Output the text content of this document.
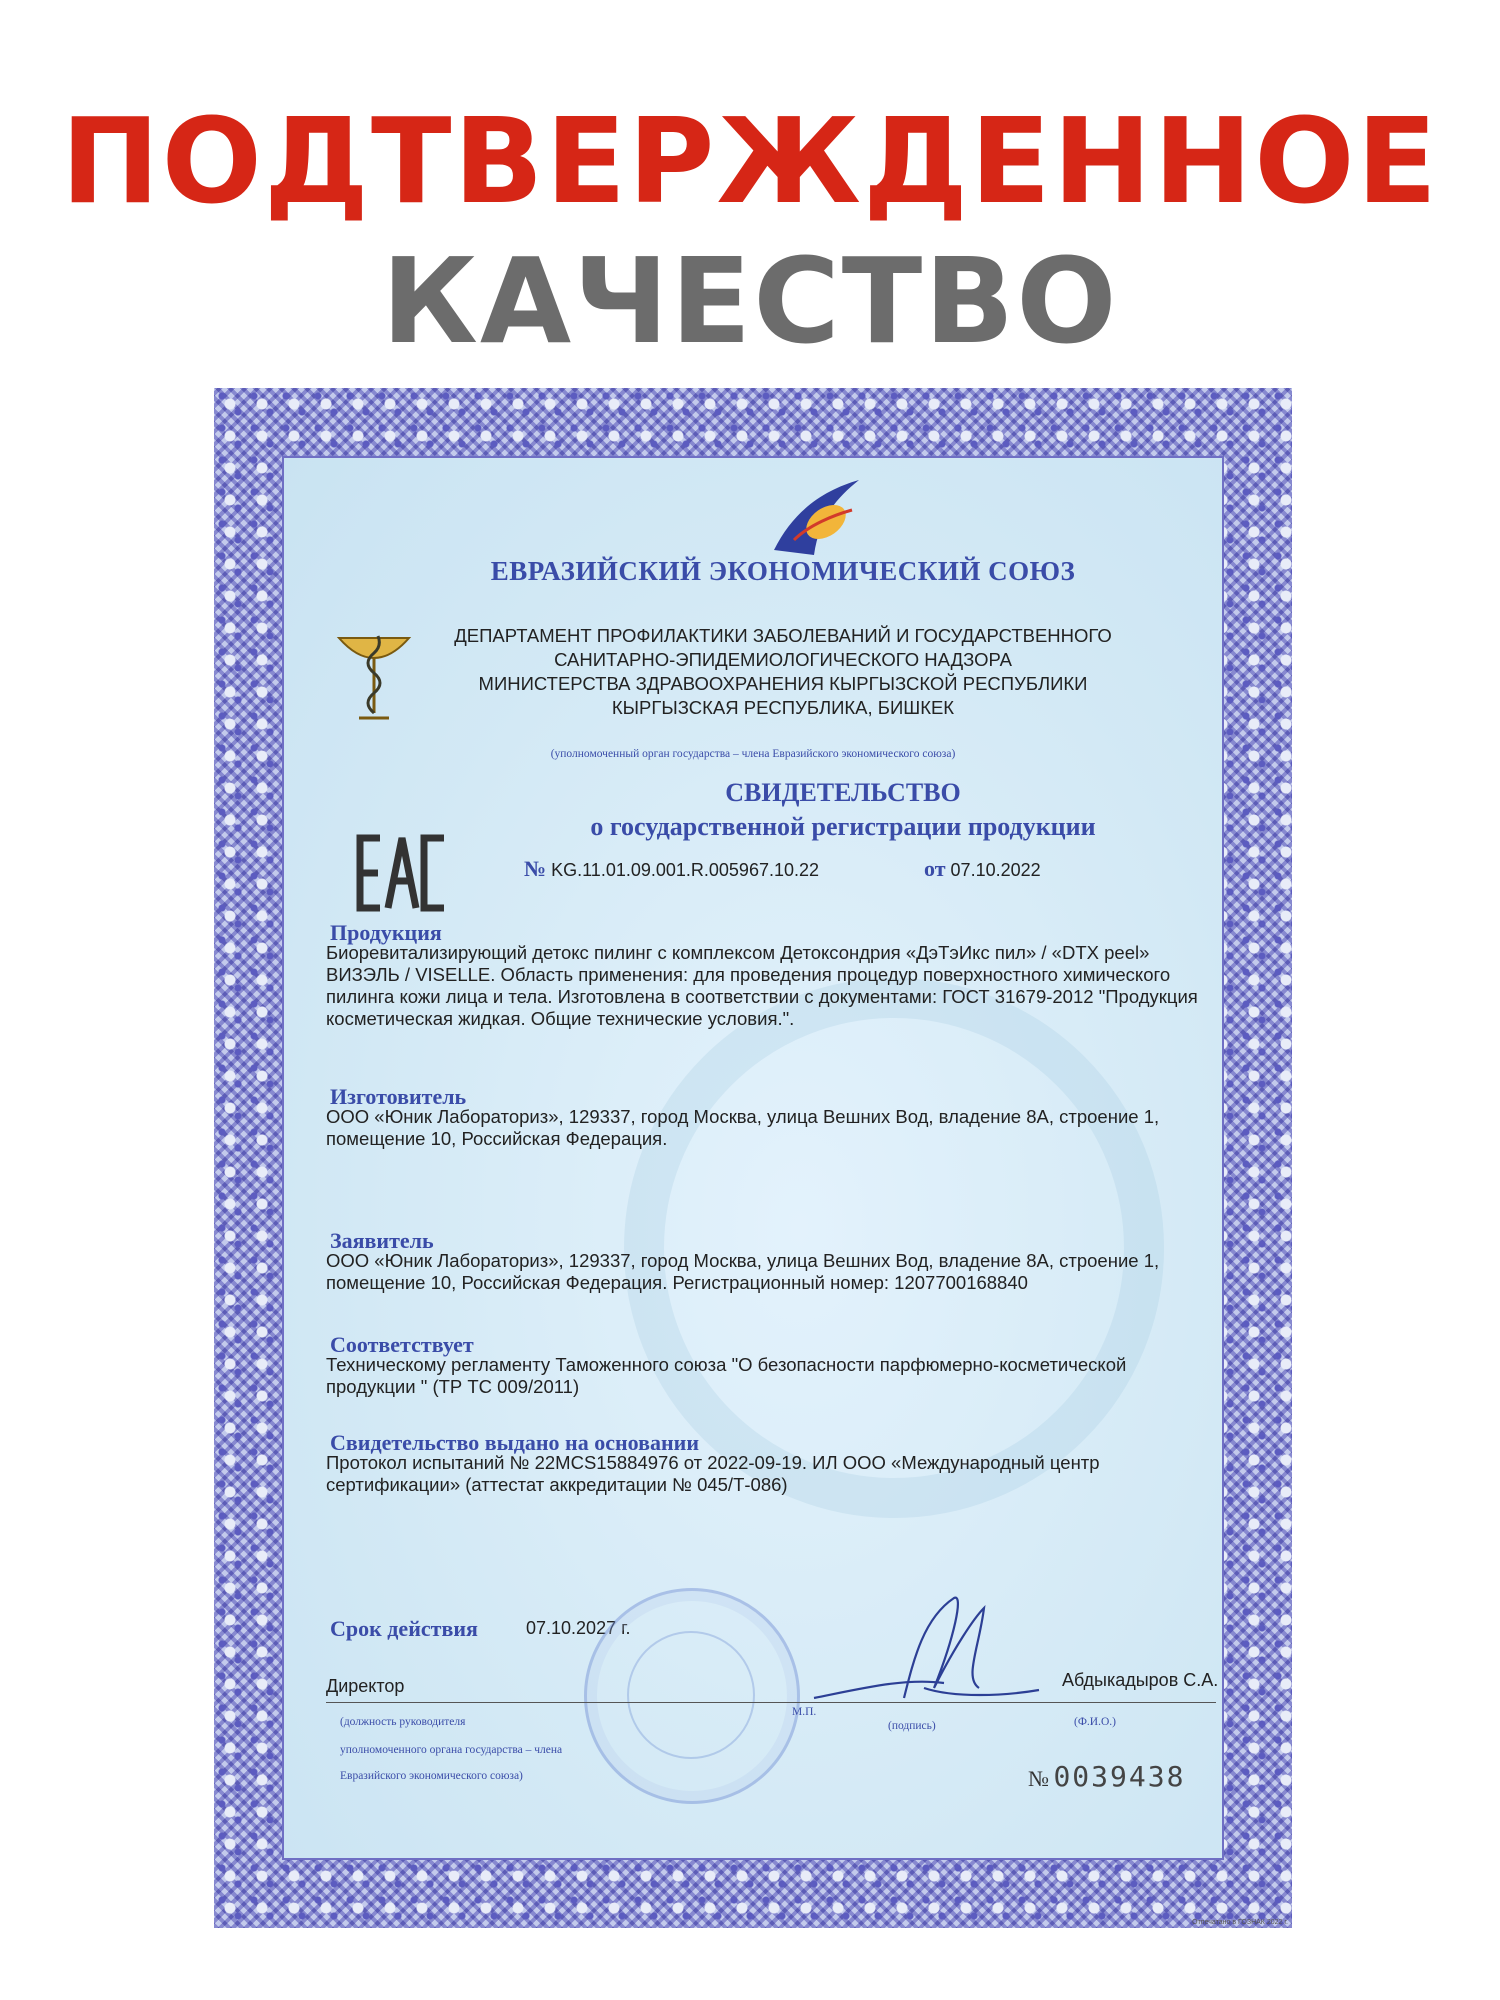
ПОДТВЕРЖДЕННОЕ
КАЧЕСТВО
ЕВРАЗИЙСКИЙ ЭКОНОМИЧЕСКИЙ СОЮЗ
ДЕПАРТАМЕНТ ПРОФИЛАКТИКИ ЗАБОЛЕВАНИЙ И ГОСУДАРСТВЕННОГО
САНИТАРНО-ЭПИДЕМИОЛОГИЧЕСКОГО НАДЗОРА
МИНИСТЕРСТВА ЗДРАВООХРАНЕНИЯ КЫРГЫЗСКОЙ РЕСПУБЛИКИ
КЫРГЫЗСКАЯ РЕСПУБЛИКА, БИШКЕК
(уполномоченный орган государства – члена Евразийского экономического союза)
СВИДЕТЕЛЬСТВО
о государственной регистрации продукции
№ KG.11.01.09.001.R.005967.10.22	от 07.10.2022
Продукция
Биоревитализирующий детокс пилинг с комплексом Детоксондрия «ДэТэИкс пил» / «DTX peel» ВИЗЭЛЬ / VISELLE. Область применения: для проведения процедур поверхностного химического пилинга кожи лица и тела. Изготовлена в соответствии с документами: ГОСТ 31679-2012 "Продукция косметическая жидкая. Общие технические условия.".
Изготовитель
ООО «Юник Лабораториз», 129337, город Москва, улица Вешних Вод, владение 8А, строение 1, помещение 10, Российская Федерация.
Заявитель
ООО «Юник Лабораториз», 129337, город Москва, улица Вешних Вод, владение 8А, строение 1, помещение 10, Российская Федерация. Регистрационный номер: 1207700168840
Соответствует
Техническому регламенту Таможенного союза "О безопасности парфюмерно-косметической продукции " (ТР ТС 009/2011)
Свидетельство выдано на основании
Протокол испытаний № 22MCS15884976 от 2022-09-19. ИЛ ООО «Международный центр сертификации» (аттестат аккредитации № 045/Т-086)
Срок действия	07.10.2027 г.
Директор	Абдыкадыров С.А.
(должность руководителя
уполномоченного органа государства – члена
Евразийского экономического союза)
М.П.
(подпись)	(Ф.И.О.)
№ 0039438
Отпечатано в ГОЗНАК 2022 г.
